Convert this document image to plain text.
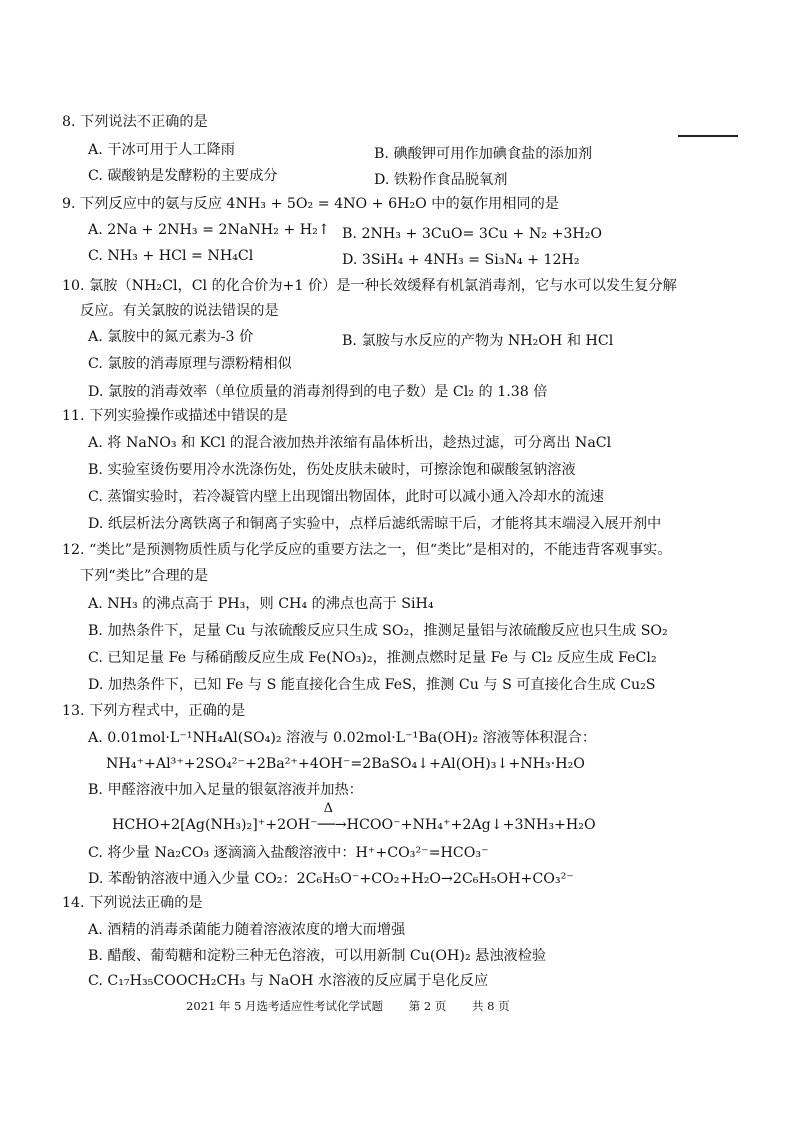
8. 下列说法不正确的是
A. 干冰可用于人工降雨	B. 碘酸钾可用作加碘食盐的添加剂
C. 碳酸钠是发酵粉的主要成分	D. 铁粉作食品脱氧剂
9. 下列反应中的氨与反应 4NH₃ + 5O₂ = 4NO + 6H₂O 中的氨作用相同的是
A. 2Na + 2NH₃ = 2NaNH₂ + H₂↑ B. 2NH₃ + 3CuO= 3Cu + N₂ +3H₂O
C. NH₃ + HCl = NH₄Cl	D. 3SiH₄ + 4NH₃ = Si₃N₄ + 12H₂
10. 氯胺（NH₂Cl，Cl 的化合价为+1 价）是一种长效缓释有机氯消毒剂，它与水可以发生复分解
反应。有关氯胺的说法错误的是
A. 氯胺中的氮元素为-3 价	B. 氯胺与水反应的产物为 NH₂OH 和 HCl
C. 氯胺的消毒原理与漂粉精相似
D. 氯胺的消毒效率（单位质量的消毒剂得到的电子数）是 Cl₂ 的 1.38 倍
11. 下列实验操作或描述中错误的是
A. 将 NaNO₃ 和 KCl 的混合液加热并浓缩有晶体析出，趁热过滤，可分离出 NaCl
B. 实验室烫伤要用冷水洗涤伤处，伤处皮肤未破时，可擦涂饱和碳酸氢钠溶液
C. 蒸馏实验时，若冷凝管内壁上出现馏出物固体，此时可以减小通入冷却水的流速
D. 纸层析法分离铁离子和铜离子实验中，点样后滤纸需晾干后，才能将其末端浸入展开剂中
12. “类比”是预测物质性质与化学反应的重要方法之一，但“类比”是相对的，不能违背客观事实。
下列“类比”合理的是
A. NH₃ 的沸点高于 PH₃，则 CH₄ 的沸点也高于 SiH₄
B. 加热条件下，足量 Cu 与浓硫酸反应只生成 SO₂，推测足量铝与浓硫酸反应也只生成 SO₂
C. 已知足量 Fe 与稀硝酸反应生成 Fe(NO₃)₂，推测点燃时足量 Fe 与 Cl₂ 反应生成 FeCl₂
D. 加热条件下，已知 Fe 与 S 能直接化合生成 FeS，推测 Cu 与 S 可直接化合生成 Cu₂S
13. 下列方程式中，正确的是
A. 0.01mol·L⁻¹NH₄Al(SO₄)₂ 溶液与 0.02mol·L⁻¹Ba(OH)₂ 溶液等体积混合：
NH₄⁺+Al³⁺+2SO₄²⁻+2Ba²⁺+4OH⁻=2BaSO₄↓+Al(OH)₃↓+NH₃·H₂O
B. 甲醛溶液中加入足量的银氨溶液并加热：
HCHO+2[Ag(NH₃)₂]⁺+2OH⁻
Δ
──→HCOO⁻+NH₄⁺+2Ag↓+3NH₃+H₂O
C. 将少量 Na₂CO₃ 逐滴滴入盐酸溶液中：H⁺+CO₃²⁻=HCO₃⁻
D. 苯酚钠溶液中通入少量 CO₂：2C₆H₅O⁻+CO₂+H₂O→2C₆H₅OH+CO₃²⁻
14. 下列说法正确的是
A. 酒精的消毒杀菌能力随着溶液浓度的增大而增强
B. 醋酸、葡萄糖和淀粉三种无色溶液，可以用新制 Cu(OH)₂ 悬浊液检验
C. C₁₇H₃₅COOCH₂CH₃ 与 NaOH 水溶液的反应属于皂化反应
2021 年 5 月选考适应性考试化学试题 第 2 页 共 8 页
